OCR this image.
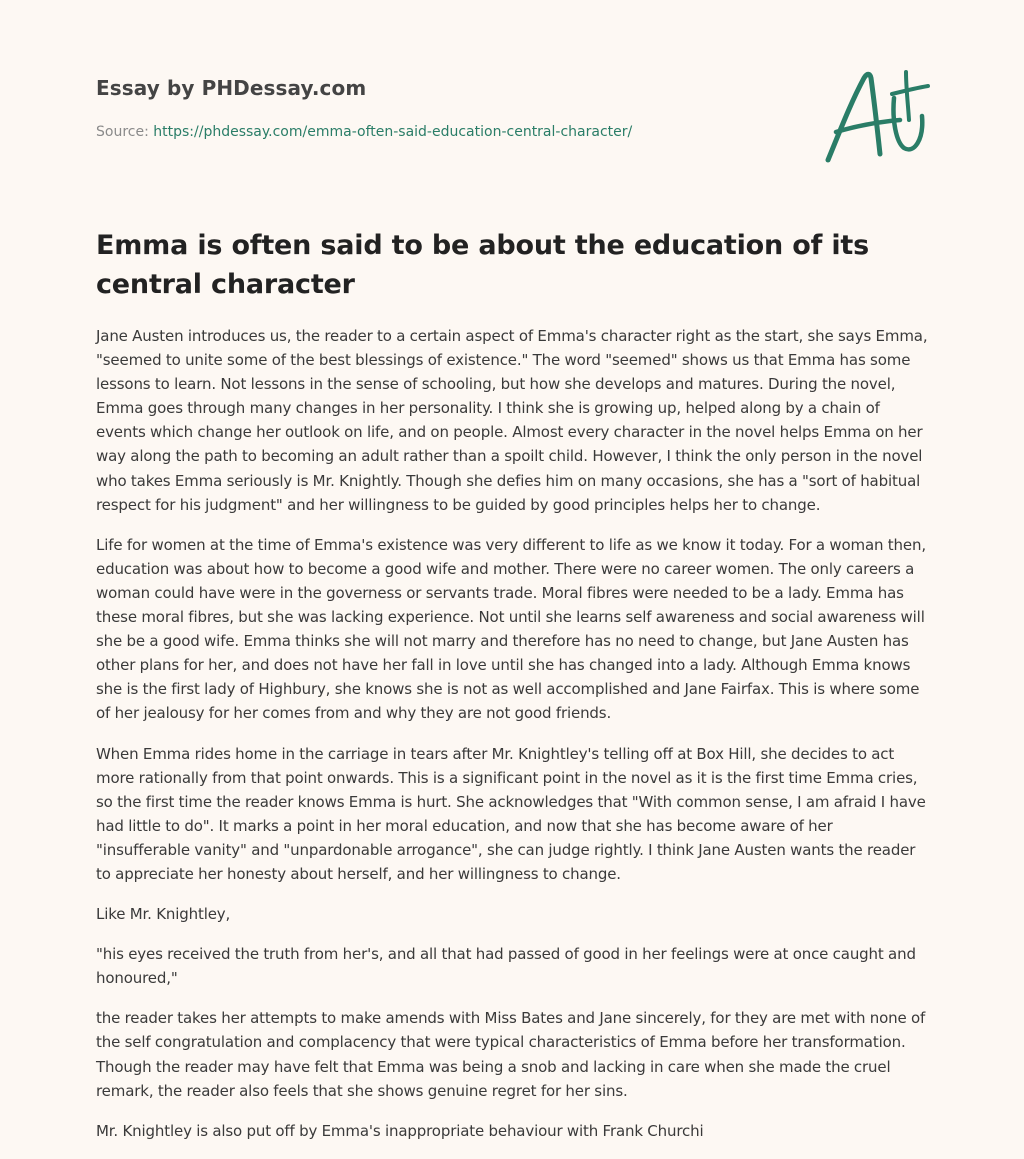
Essay by PHDessay.com
Source: https://phdessay.com/emma-often-said-education-central-character/
Emma is often said to be about the education of its central character

Jane Austen introduces us, the reader to a certain aspect of Emma's character right as the start, she says Emma, "seemed to unite some of the best blessings of existence." The word "seemed" shows us that Emma has some lessons to learn. Not lessons in the sense of schooling, but how she develops and matures. During the novel, Emma goes through many changes in her personality. I think she is growing up, helped along by a chain of events which change her outlook on life, and on people. Almost every character in the novel helps Emma on her way along the path to becoming an adult rather than a spoilt child. However, I think the only person in the novel who takes Emma seriously is Mr. Knightly. Though she defies him on many occasions, she has a "sort of habitual respect for his judgment" and her willingness to be guided by good principles helps her to change.

Life for women at the time of Emma's existence was very different to life as we know it today. For a woman then, education was about how to become a good wife and mother. There were no career women. The only careers a woman could have were in the governess or servants trade. Moral fibres were needed to be a lady. Emma has these moral fibres, but she was lacking experience. Not until she learns self awareness and social awareness will she be a good wife. Emma thinks she will not marry and therefore has no need to change, but Jane Austen has other plans for her, and does not have her fall in love until she has changed into a lady. Although Emma knows she is the first lady of Highbury, she knows she is not as well accomplished and Jane Fairfax. This is where some of her jealousy for her comes from and why they are not good friends.

When Emma rides home in the carriage in tears after Mr. Knightley's telling off at Box Hill, she decides to act more rationally from that point onwards. This is a significant point in the novel as it is the first time Emma cries, so the first time the reader knows Emma is hurt. She acknowledges that "With common sense, I am afraid I have had little to do". It marks a point in her moral education, and now that she has become aware of her "insufferable vanity" and "unpardonable arrogance", she can judge rightly. I think Jane Austen wants the reader to appreciate her honesty about herself, and her willingness to change.

Like Mr. Knightley,

"his eyes received the truth from her's, and all that had passed of good in her feelings were at once caught and honoured,"

the reader takes her attempts to make amends with Miss Bates and Jane sincerely, for they are met with none of the self congratulation and complacency that were typical characteristics of Emma before her transformation. Though the reader may have felt that Emma was being a snob and lacking in care when she made the cruel remark, the reader also feels that she shows genuine regret for her sins.

Mr. Knightley is also put off by Emma's inappropriate behaviour with Frank Churchi
